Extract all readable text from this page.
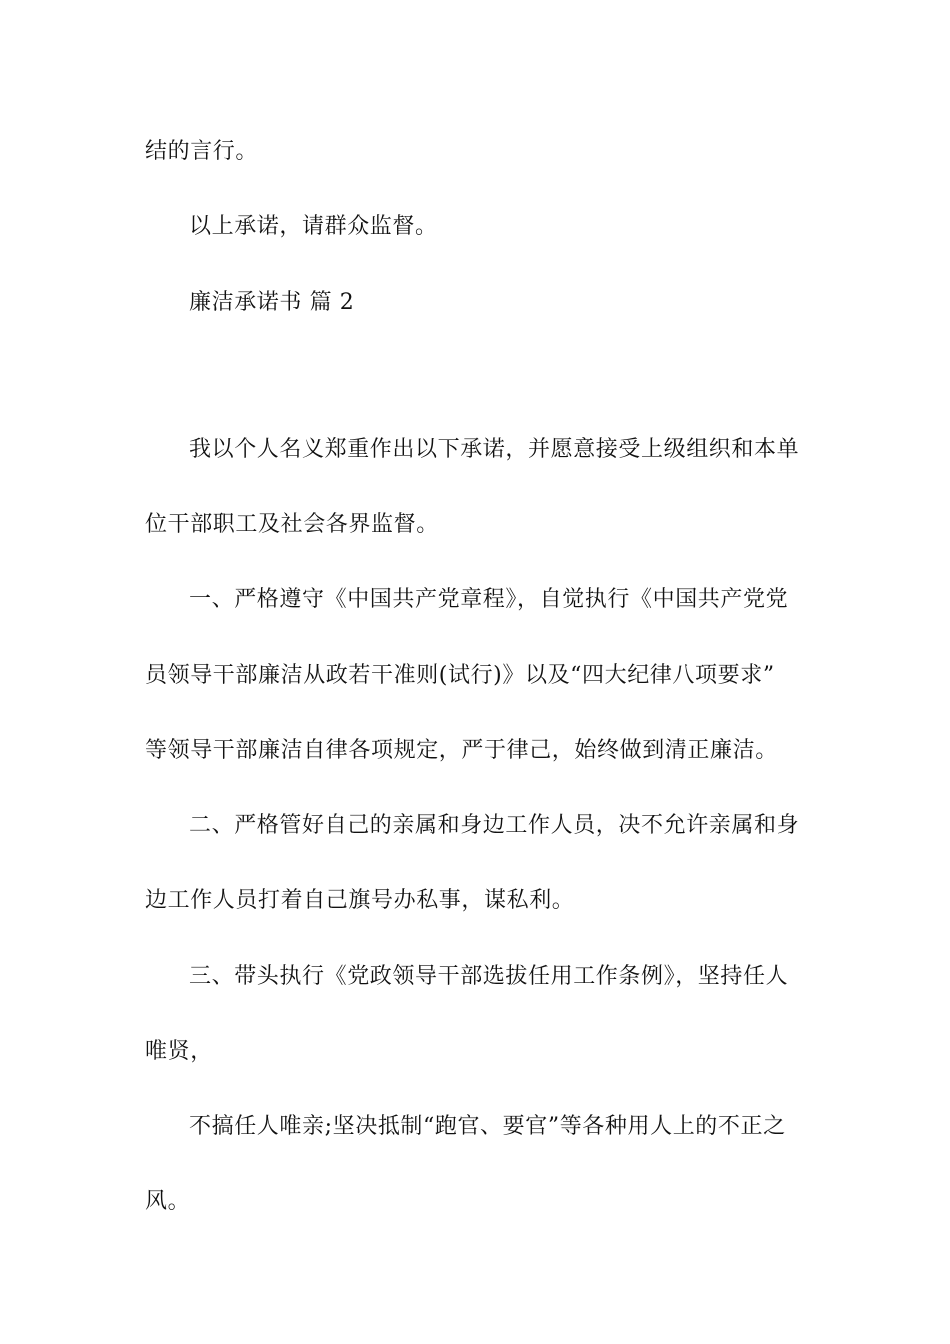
结的言行。
以上承诺，请群众监督。
廉洁承诺书 篇 2
我以个人名义郑重作出以下承诺，并愿意接受上级组织和本单
位干部职工及社会各界监督。
一、严格遵守《中国共产党章程》，自觉执行《中国共产党党
员领导干部廉洁从政若干准则(试行)》以及“四大纪律八项要求”
等领导干部廉洁自律各项规定，严于律己，始终做到清正廉洁。
二、严格管好自己的亲属和身边工作人员，决不允许亲属和身
边工作人员打着自己旗号办私事，谋私利。
三、带头执行《党政领导干部选拔任用工作条例》，坚持任人
唯贤，
不搞任人唯亲;坚决抵制“跑官、要官”等各种用人上的不正之
风。
